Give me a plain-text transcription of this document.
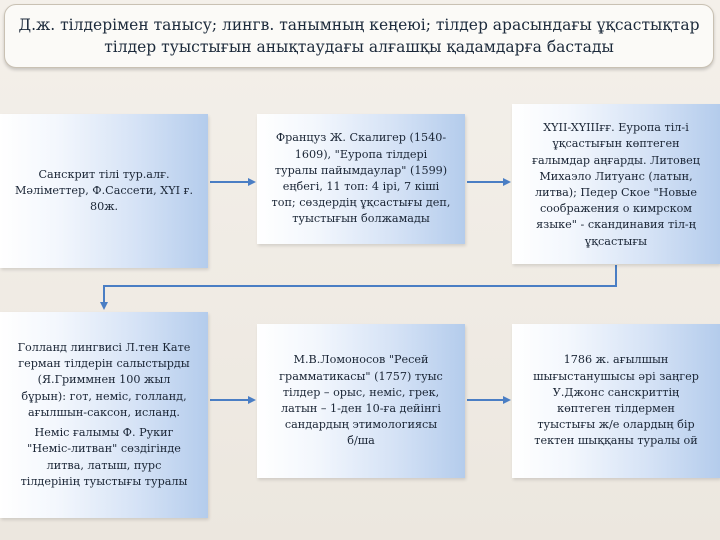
Д.ж. тілдерімен танысу; лингв. танымның кеңеюі; тілдер арасындағы ұқсастықтар
тілдер туыстығын анықтаудағы алғашқы қадамдарға бастады
Санскрит тілі тур.алғ.
Мәліметтер, Ф.Сассети, XYI ғ.
80ж.
Француз Ж. Скалигер (1540-
1609), "Еуропа тілдері
туралы пайымдаулар" (1599)
еңбегі, 11 топ: 4 ірі, 7 кіші
топ; сөздердің ұқсастығы деп,
туыстығын болжамады
XYII-XYIIIғғ. Еуропа тіл-і
ұқсастығын көптеген
ғалымдар аңғарды. Литовец
Михаэло Литуанс (латын,
литва); Педер Ское "Новые
соображения о кимрском
языке" - скандинавия тіл-ң
ұқсастығы
Голланд лингвисі Л.тен Кате
герман тілдерін салыстырды
(Я.Гриммнен 100 жыл
бұрын): гот, неміс, голланд,
ағылшын-саксон, исланд.
Неміс ғалымы Ф. Рукиг
"Неміс-литван" сөздігінде
литва, латыш, пурс
тілдерінің туыстығы туралы
М.В.Ломоносов "Ресей
грамматикасы" (1757) туыс
тілдер – орыс, неміс, грек,
латын – 1-ден 10-ға дейінгі
сандардың этимологиясы
б/ша
1786 ж. ағылшын
шығыстанушысы әрі заңгер
У.Джонс санскриттің
көптеген тілдермен
туыстығы ж/е олардың бір
тектен шыққаны туралы ой
